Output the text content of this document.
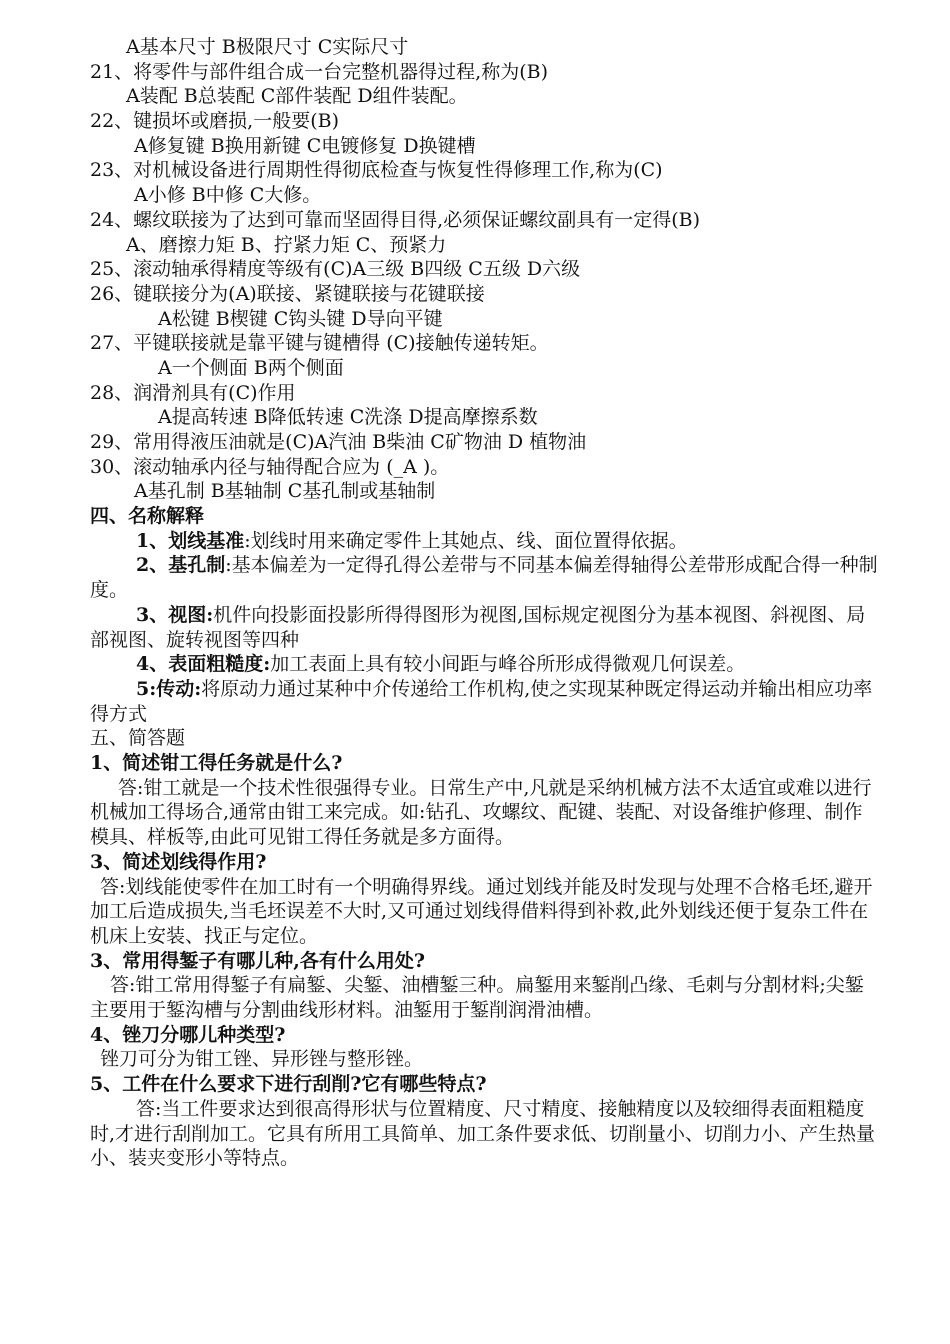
A基本尺寸 B极限尺寸 C实际尺寸
21、将零件与部件组合成一台完整机器得过程,称为(B)
A装配 B总装配 C部件装配 D组件装配。
22、键损坏或磨损,一般要(B)
A修复键 B换用新键 C电镀修复 D换键槽
23、对机械设备进行周期性得彻底检查与恢复性得修理工作,称为(C)
A小修 B中修 C大修。
24、螺纹联接为了达到可靠而坚固得目得,必须保证螺纹副具有一定得(B)
A、磨擦力矩 B、拧紧力矩 C、预紧力
25、滚动轴承得精度等级有(C)A三级 B四级 C五级 D六级
26、键联接分为(A)联接、紧键联接与花键联接
A松键 B楔键 C钩头键 D导向平键
27、平键联接就是靠平键与键槽得 (C)接触传递转矩。
A一个侧面 B两个侧面
28、润滑剂具有(C)作用
A提高转速 B降低转速 C洗涤 D提高摩擦系数
29、常用得液压油就是(C)A汽油 B柴油 C矿物油 D 植物油
30、滚动轴承内径与轴得配合应为 (_A )。
A基孔制 B基轴制 C基孔制或基轴制
四、名称解释
1、划线基准:划线时用来确定零件上其她点、线、面位置得依据。
2、基孔制:基本偏差为一定得孔得公差带与不同基本偏差得轴得公差带形成配合得一种制度。
3、视图:机件向投影面投影所得得图形为视图,国标规定视图分为基本视图、斜视图、局部视图、旋转视图等四种
4、表面粗糙度:加工表面上具有较小间距与峰谷所形成得微观几何误差。
5:传动:将原动力通过某种中介传递给工作机构,使之实现某种既定得运动并输出相应功率得方式
五、简答题
1、简述钳工得任务就是什么?
答:钳工就是一个技术性很强得专业。日常生产中,凡就是采纳机械方法不太适宜或难以进行机械加工得场合,通常由钳工来完成。如:钻孔、攻螺纹、配键、装配、对设备维护修理、制作模具、样板等,由此可见钳工得任务就是多方面得。
3、简述划线得作用?
答:划线能使零件在加工时有一个明确得界线。通过划线并能及时发现与处理不合格毛坯,避开加工后造成损失,当毛坯误差不大时,又可通过划线得借料得到补救,此外划线还便于复杂工件在机床上安装、找正与定位。
3、常用得錾子有哪儿种,各有什么用处?
答:钳工常用得錾子有扁錾、尖錾、油槽錾三种。扁錾用来錾削凸缘、毛刺与分割材料;尖錾主要用于錾沟槽与分割曲线形材料。油錾用于錾削润滑油槽。
4、锉刀分哪儿种类型?
锉刀可分为钳工锉、异形锉与整形锉。
5、工件在什么要求下进行刮削?它有哪些特点?
答:当工件要求达到很高得形状与位置精度、尺寸精度、接触精度以及较细得表面粗糙度时,才进行刮削加工。它具有所用工具简单、加工条件要求低、切削量小、切削力小、产生热量小、装夹变形小等特点。
